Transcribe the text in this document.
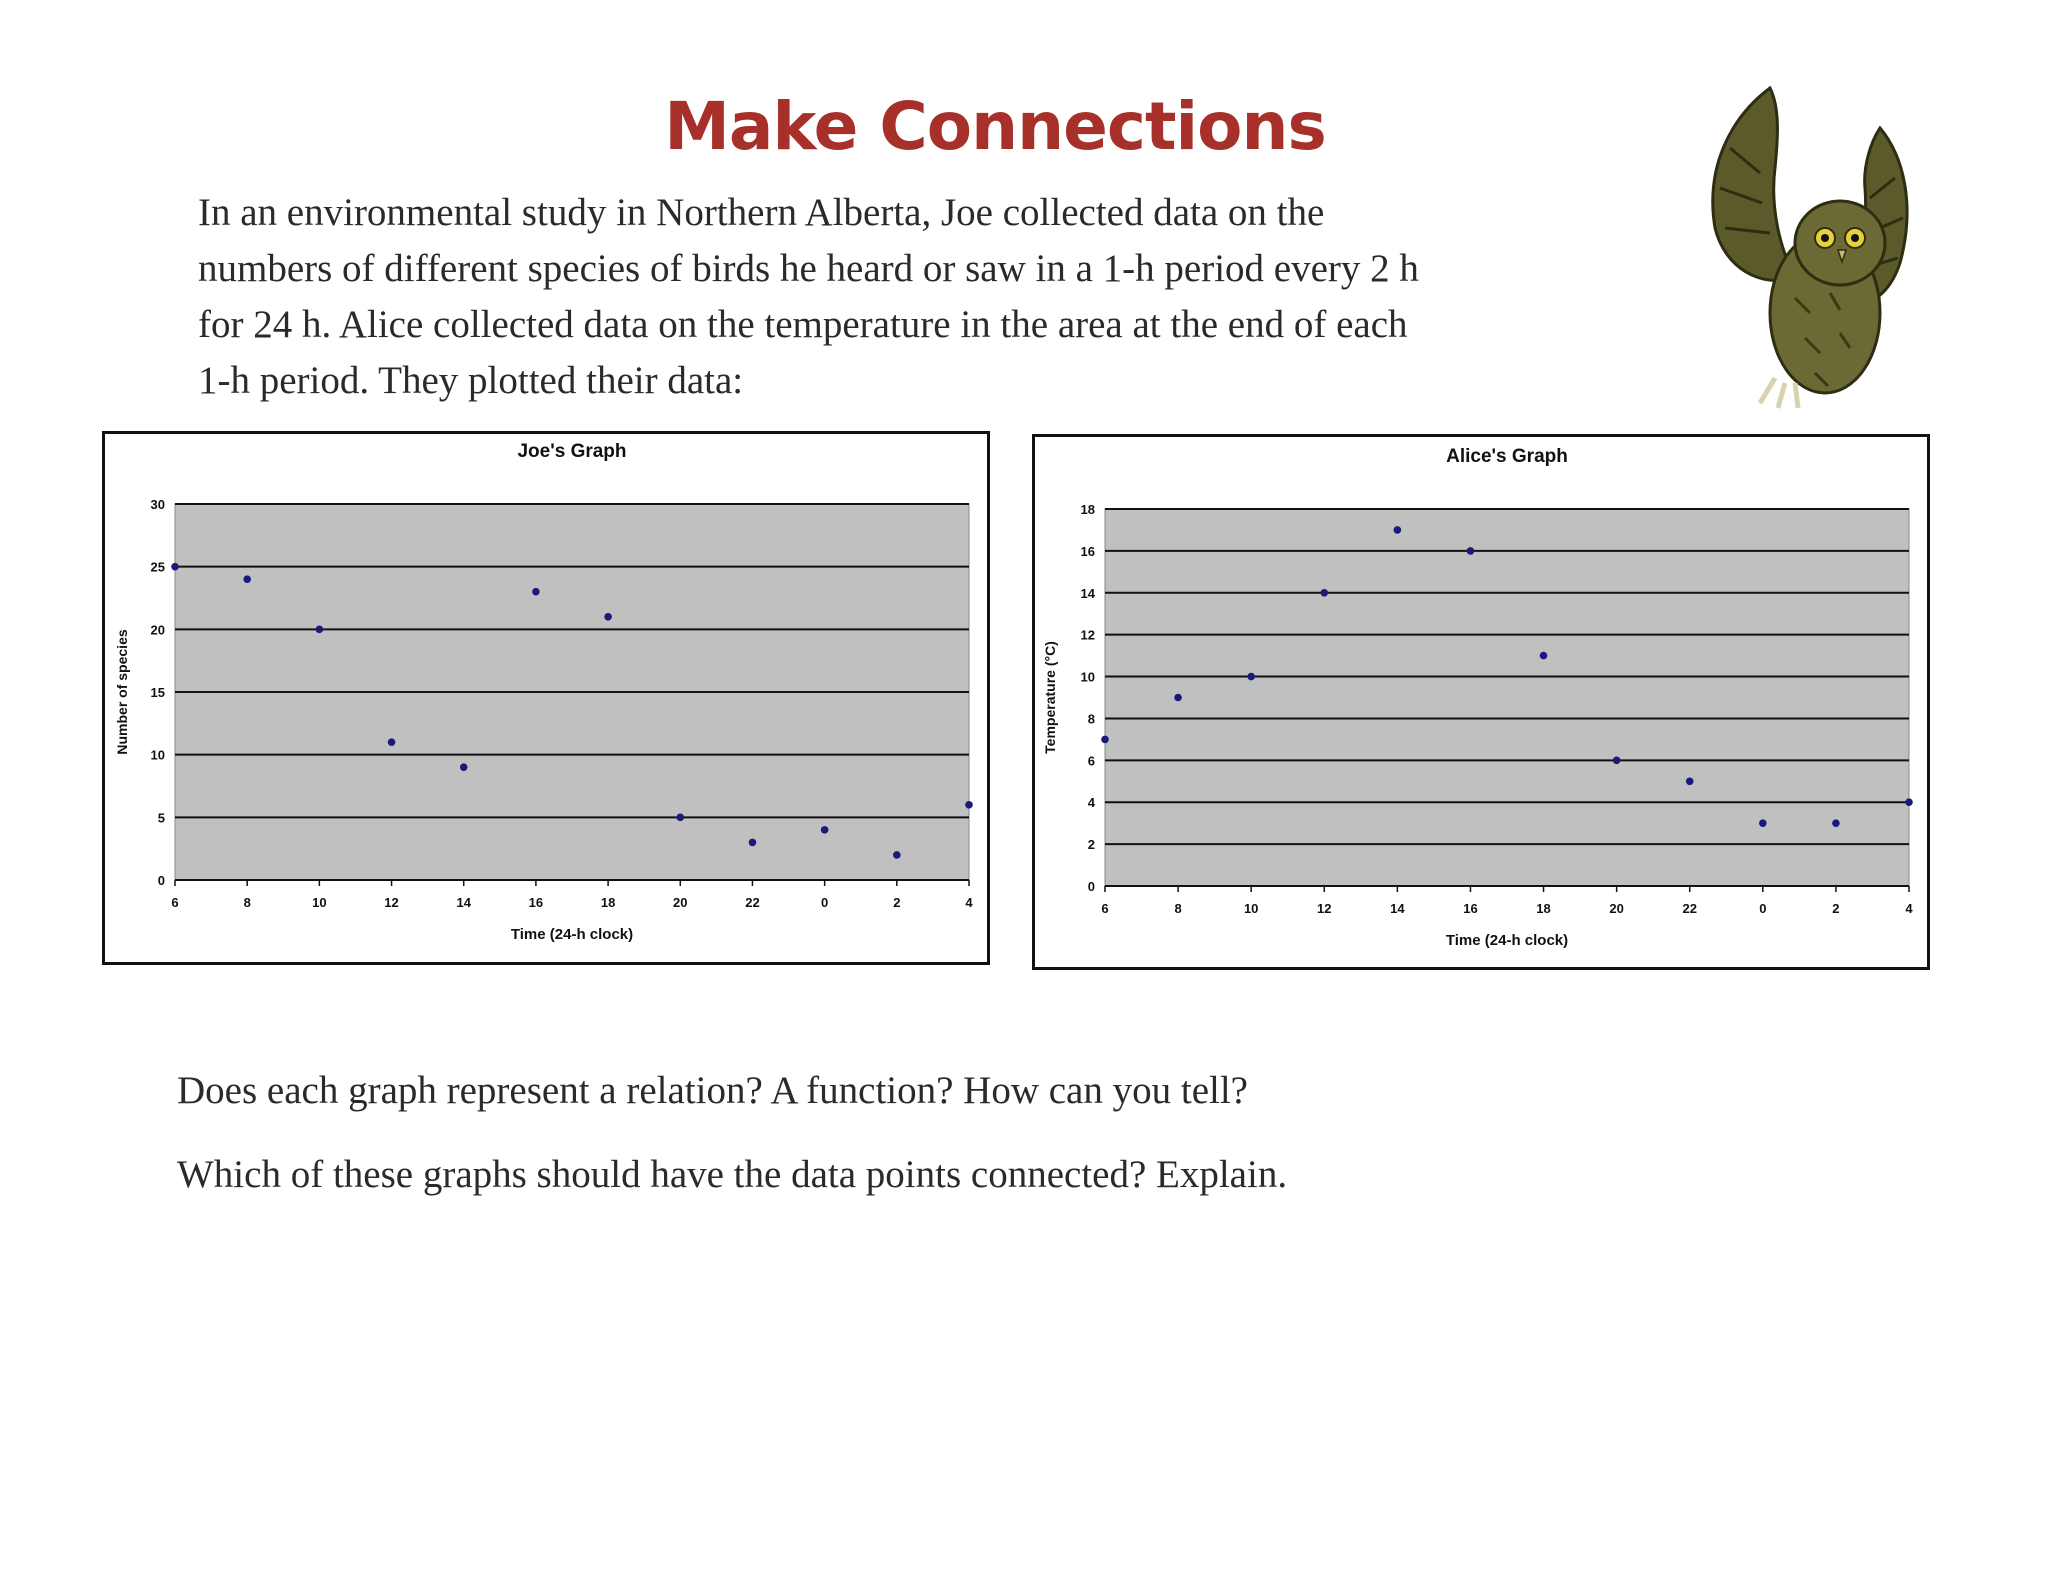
Make Connections

In an environmental study in Northern Alberta, Joe collected data on the

numbers of different species of birds he heard or saw in a 1-h period every 2 h

for 24 h. Alice collected data on the temperature in the area at the end of each

1-h period. They plotted their data:

Joe's Graph
0
5
10
15
20
25
30
6	8	10	12	14	16	18	20	22	0	2	4
Time (24-h clock)
Number of species
Alice's Graph
0
2
4
6
8
10
12
14
16
18
6	8	10	12	14	16	18	20	22	0	2	4
Time (24-h clock)
Temperature (°C)
Does each graph represent a relation? A function? How can you tell?
Which of these graphs should have the data points connected? Explain.
